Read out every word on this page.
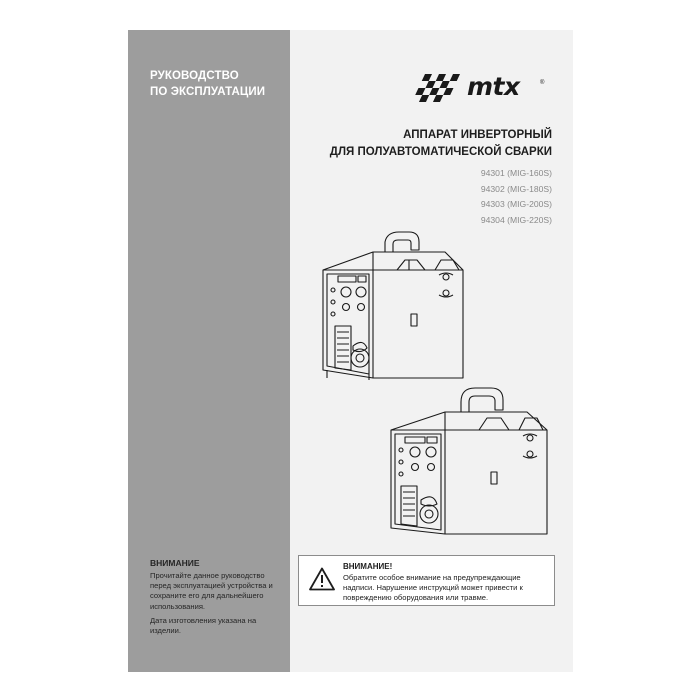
РУКОВОДСТВО
ПО ЭКСПЛУАТАЦИИ
ВНИМАНИЕ

Прочитайте данное руководство перед эксплуатацией устройства и сохраните его для дальнейшего использования.

Дата изготовления указана на изделии.

mtx	®
АППАРАТ ИНВЕРТОРНЫЙ
ДЛЯ ПОЛУАВТОМАТИЧЕСКОЙ СВАРКИ
94301 (MIG-160S)
94302 (MIG-180S)
94303 (MIG-200S)
94304 (MIG-220S)
ВНИМАНИЕ!
Обратите особое внимание на предупреждающие надписи. Нарушение инструкций может привести к повреждению оборудования или травме.
